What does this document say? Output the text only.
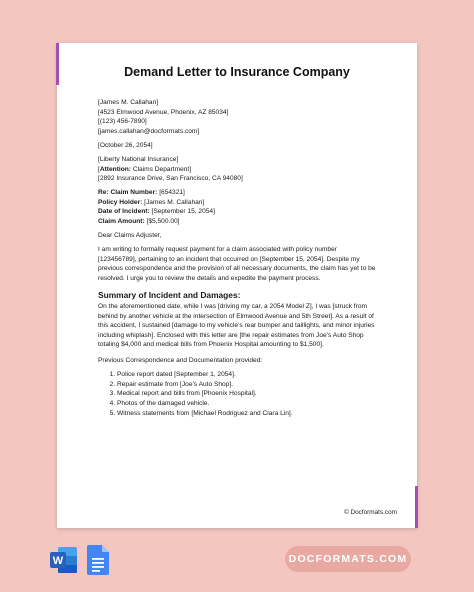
Demand Letter to Insurance Company
[James M. Callahan]
[4523 Elmwood Avenue, Phoenix, AZ 85034]
[(123) 456-7890]
[james.callahan@docformats.com]
[October 26, 2054]
[Liberty National Insurance]
[Attention: Claims Department]
[2892 Insurance Drive, San Francisco, CA 94080]
Re: Claim Number: [654321]
Policy Holder: [James M. Callahan]
Date of Incident: [September 15, 2054]
Claim Amount: [$5,500.00]
Dear Claims Adjuster,
I am writing to formally request payment for a claim associated with policy number
[123456789], pertaining to an incident that occurred on [September 15, 2054]. Despite my
previous correspondence and the provision of all necessary documents, the claim has yet to be
resolved. I urge you to review the details and expedite the payment process.
Summary of Incident and Damages:
On the aforementioned date, while I was [driving my car, a 2054 Model Z], I was [struck from
behind by another vehicle at the intersection of Elmwood Avenue and 5th Street]. As a result of
this accident, I sustained [damage to my vehicle’s rear bumper and taillights, and minor injuries
including whiplash]. Enclosed with this letter are [the repair estimates from Joe’s Auto Shop
totaling $4,000 and medical bills from Phoenix Hospital amounting to $1,500].
Previous Correspondence and Documentation provided:
1. Police report dated [September 1, 2054].
2. Repair estimate from [Joe’s Auto Shop].
3. Medical report and bills from [Phoenix Hospital].
4. Photos of the damaged vehicle.
5. Witness statements from [Michael Rodriguez and Clara Lin].
© Docformats.com
W	DOCFORMATS.COM
